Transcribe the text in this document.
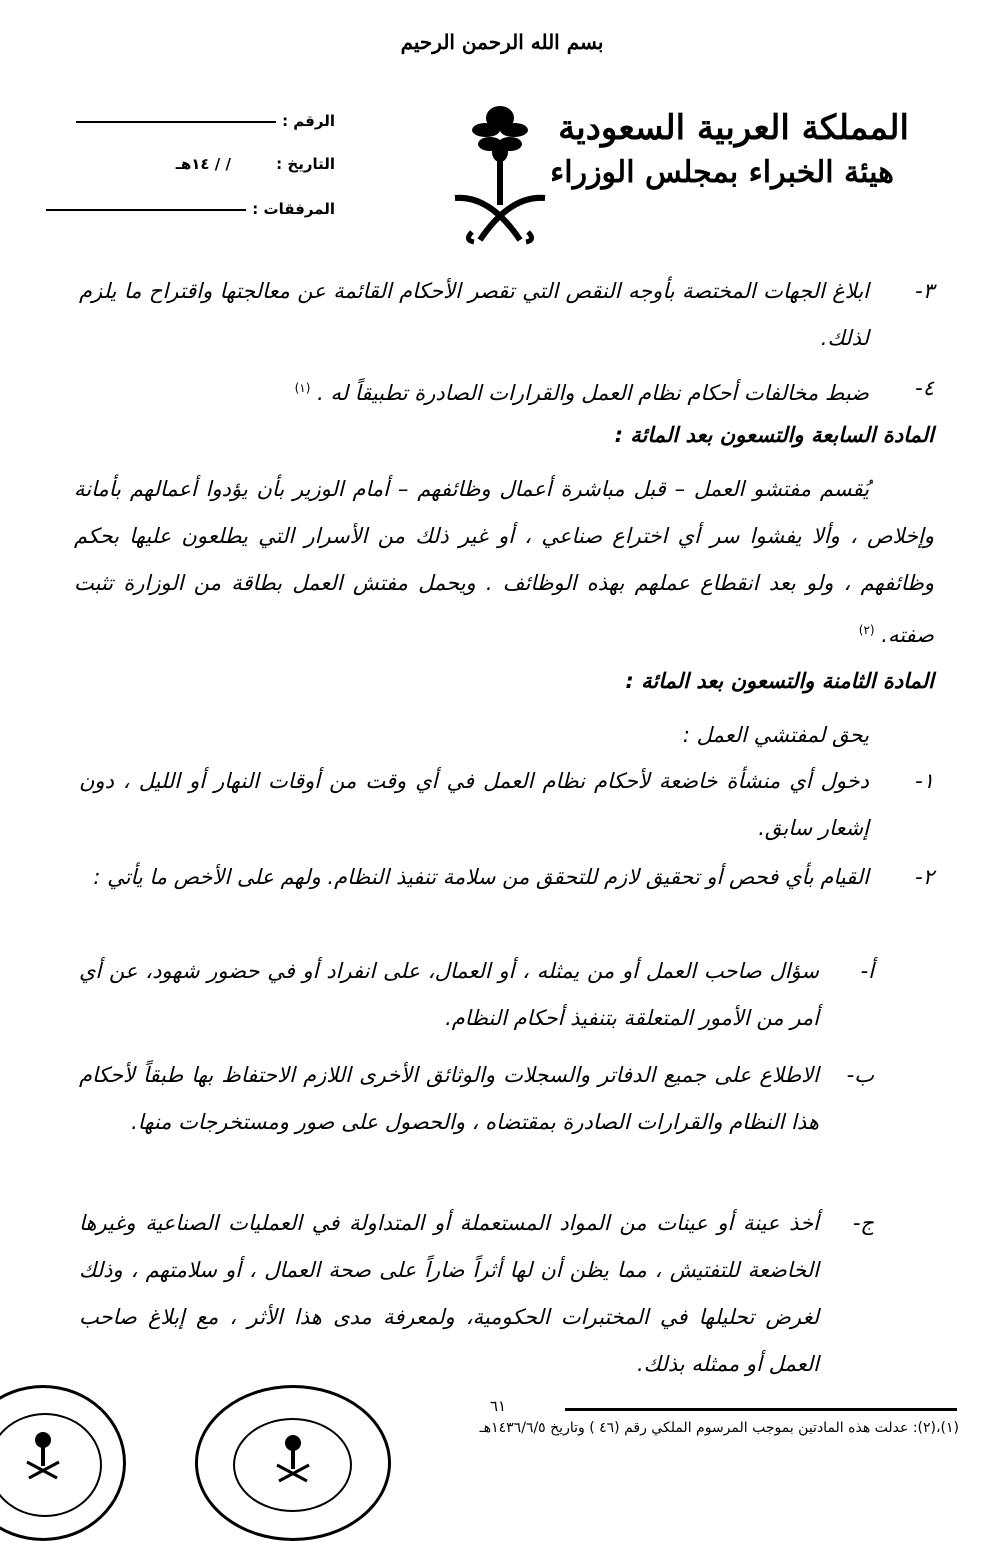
بسم الله الرحمن الرحيم
المملكة العربية السعودية
هيئة الخبراء بمجلس الوزراء
الرقم :
التاريخ : / / ١٤هـ
المرفقات :
٣-
ابلاغ الجهات المختصة بأوجه النقص التي تقصر الأحكام القائمة عن معالجتها واقتراح ما يلزم لذلك.
٤-
ضبط مخالفات أحكام نظام العمل والقرارات الصادرة تطبيقاً له . $^{(١)}$
المادة السابعة والتسعون بعد المائة :
يُقسم مفتشو العمل – قبل مباشرة أعمال وظائفهم – أمام الوزير بأن يؤدوا أعمالهم بأمانة وإخلاص ، وألا يفشوا سر أي اختراع صناعي ، أو غير ذلك من الأسرار التي يطلعون عليها بحكم وظائفهم ، ولو بعد انقطاع عملهم بهذه الوظائف . ويحمل مفتش العمل بطاقة من الوزارة تثبت صفته. $^{(٢)}$
المادة الثامنة والتسعون بعد المائة :
يحق لمفتشي العمل :
١-
دخول أي منشأة خاضعة لأحكام نظام العمل في أي وقت من أوقات النهار أو الليل ، دون إشعار سابق.
٢-
القيام بأي فحص أو تحقيق لازم للتحقق من سلامة تنفيذ النظام. ولهم على الأخص ما يأتي :
أ-
سؤال صاحب العمل أو من يمثله ، أو العمال، على انفراد أو في حضور شهود، عن أي أمر من الأمور المتعلقة بتنفيذ أحكام النظام.
ب-
الاطلاع على جميع الدفاتر والسجلات والوثائق الأخرى اللازم الاحتفاظ بها طبقاً لأحكام هذا النظام والقرارات الصادرة بمقتضاه ، والحصول على صور ومستخرجات منها.
ج-
أخذ عينة أو عينات من المواد المستعملة أو المتداولة في العمليات الصناعية وغيرها الخاضعة للتفتيش ، مما يظن أن لها أثراً ضاراً على صحة العمال ، أو سلامتهم ، وذلك لغرض تحليلها في المختبرات الحكومية، ولمعرفة مدى هذا الأثر ، مع إبلاغ صاحب العمل أو ممثله بذلك.
٦١
(١)،(٢): عدلت هذه المادتين بموجب المرسوم الملكي رقم (٤٦ ) وتاريخ ١٤٣٦/٦/٥هـ
